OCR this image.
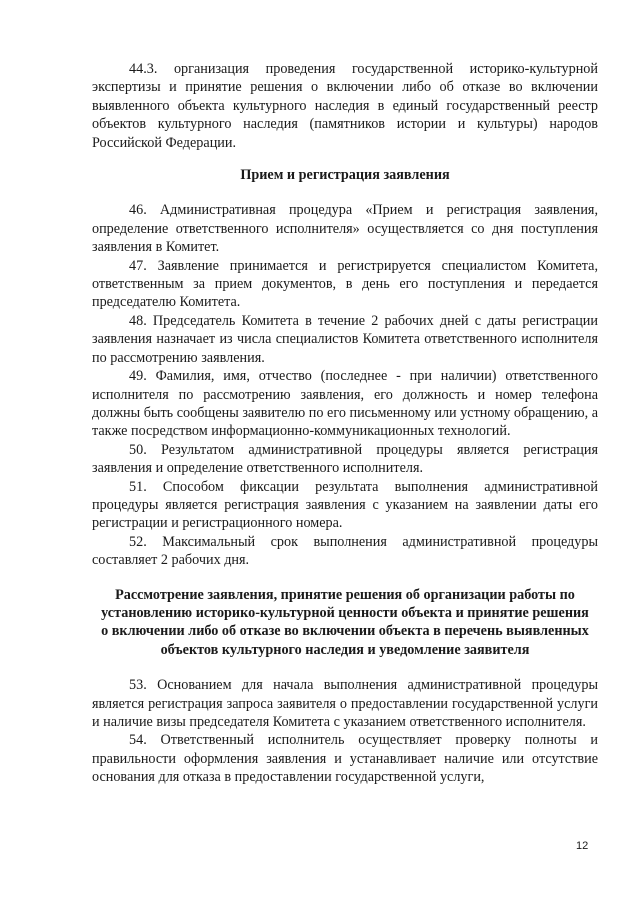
44.3. организация проведения государственной историко-культурной экспертизы и принятие решения о включении либо об отказе во включении выявленного объекта культурного наследия в единый государственный реестр объектов культурного наследия (памятников истории и культуры) народов Российской Федерации.

Прием и регистрация заявления

46. Административная процедура «Прием и регистрация заявления, определение ответственного исполнителя» осуществляется со дня поступления заявления в Комитет.

47. Заявление принимается и регистрируется специалистом Комитета, ответственным за прием документов, в день его поступления и передается председателю Комитета.

48. Председатель Комитета в течение 2 рабочих дней с даты регистрации заявления назначает из числа специалистов Комитета ответственного исполнителя по рассмотрению заявления.

49. Фамилия, имя, отчество (последнее - при наличии) ответственного исполнителя по рассмотрению заявления, его должность и номер телефона должны быть сообщены заявителю по его письменному или устному обращению, а также посредством информационно-коммуникационных технологий.

50. Результатом административной процедуры является регистрация заявления и определение ответственного исполнителя.

51. Способом фиксации результата выполнения административной процедуры является регистрация заявления с указанием на заявлении даты его регистрации и регистрационного номера.

52. Максимальный срок выполнения административной процедуры составляет 2 рабочих дня.

Рассмотрение заявления, принятие решения об организации работы по установлению историко-культурной ценности объекта и принятие решения о включении либо об отказе во включении объекта в перечень выявленных объектов культурного наследия и уведомление заявителя

53. Основанием для начала выполнения административной процедуры является регистрация запроса заявителя о предоставлении государственной услуги и наличие визы председателя Комитета с указанием ответственного исполнителя.

54. Ответственный исполнитель осуществляет проверку полноты и правильности оформления заявления и устанавливает наличие или отсутствие основания для отказа в предоставлении государственной услуги,

12
